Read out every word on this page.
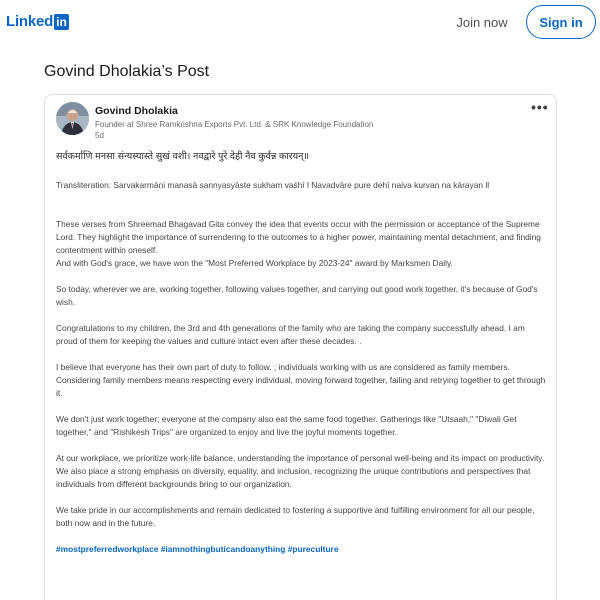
Linked in	Join now	Sign in
Govind Dholakia’s Post
Govind Dholakia
Founder at Shree Ramkrishna Exports Pvt. Ltd. & SRK Knowledge Foundation
5d
•••

सर्वकर्माणि मनसा संन्यस्यास्ते सुखं वशी। नवद्वारे पुरे देही नैव कुर्वन्न कारयन्॥

Transliteration: Sarvakarmāṇi manasā sannyasyāste sukham vaśhī l Navadvāre pure dehī naiva kurvan na kārayan ll

These verses from Shreemad Bhagavad Gita convey the idea that events occur with the permission or acceptance of the Supreme Lord. They highlight the importance of surrendering to the outcomes to a higher power, maintaining mental detachment, and finding contentment within oneself.
And with God's grace, we have won the "Most Preferred Workplace by 2023-24" award by Marksmen Daily.

So today, wherever we are, working together, following values together, and carrying out good work together, it's because of God's wish.

Congratulations to my children, the 3rd and 4th generations of the family who are taking the company successfully ahead. I am proud of them for keeping the values and culture intact even after these decades. .

I believe that everyone has their own part of duty to follow. ; individuals working with us are considered as family members. Considering family members means respecting every individual, moving forward together, failing and retrying together to get through it.

We don't just work together; everyone at the company also eat the same food together. Gatherings like "Utsaah," "Diwali Get together," and "Rishikesh Trips" are organized to enjoy and live the joyful moments together.

At our workplace, we prioritize work-life balance, understanding the importance of personal well-being and its impact on productivity. We also place a strong emphasis on diversity, equality, and inclusion, recognizing the unique contributions and perspectives that individuals from different backgrounds bring to our organization.

We take pride in our accomplishments and remain dedicated to fostering a supportive and fulfilling environment for all our people, both now and in the future.

#mostpreferredworkplace #iamnothingbuticandoanything #pureculture
